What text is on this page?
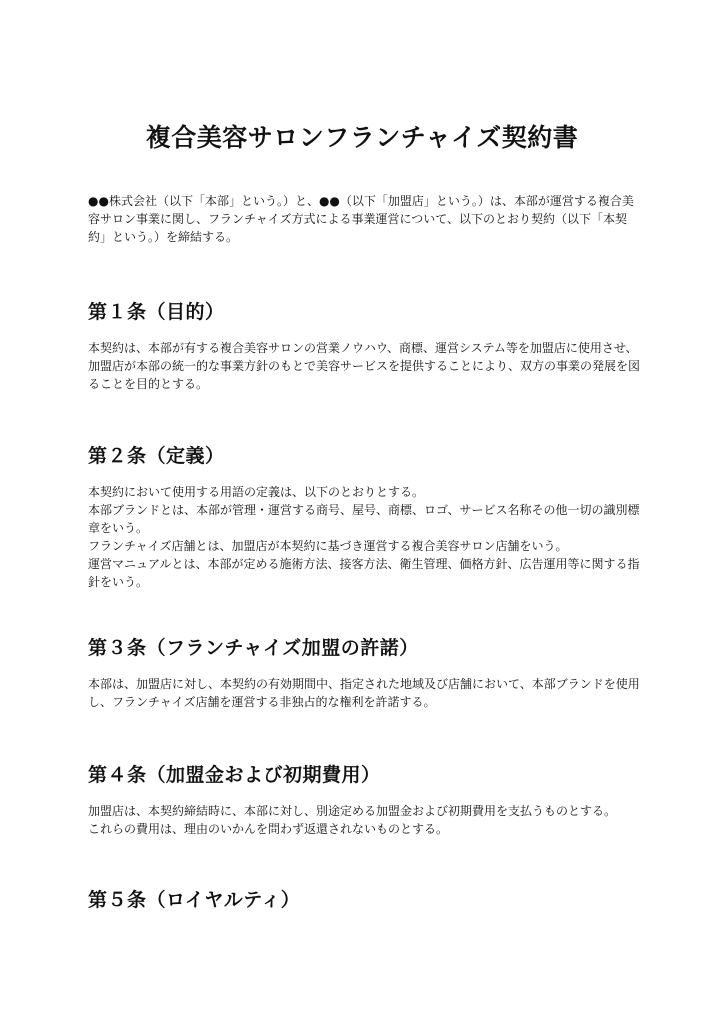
複合美容サロンフランチャイズ契約書

●●株式会社（以下「本部」という。）と、●●（以下「加盟店」という。）は、本部が運営する複合美容サロン事業に関し、フランチャイズ方式による事業運営について、以下のとおり契約（以下「本契約」という。）を締結する。

第１条（目的）

本契約は、本部が有する複合美容サロンの営業ノウハウ、商標、運営システム等を加盟店に使用させ、加盟店が本部の統一的な事業方針のもとで美容サービスを提供することにより、双方の事業の発展を図ることを目的とする。

第２条（定義）

本契約において使用する用語の定義は、以下のとおりとする。

本部ブランドとは、本部が管理・運営する商号、屋号、商標、ロゴ、サービス名称その他一切の識別標章をいう。

フランチャイズ店舗とは、加盟店が本契約に基づき運営する複合美容サロン店舗をいう。

運営マニュアルとは、本部が定める施術方法、接客方法、衛生管理、価格方針、広告運用等に関する指針をいう。

第３条（フランチャイズ加盟の許諾）

本部は、加盟店に対し、本契約の有効期間中、指定された地域及び店舗において、本部ブランドを使用し、フランチャイズ店舗を運営する非独占的な権利を許諾する。

第４条（加盟金および初期費用）

加盟店は、本契約締結時に、本部に対し、別途定める加盟金および初期費用を支払うものとする。

これらの費用は、理由のいかんを問わず返還されないものとする。

第５条（ロイヤルティ）
